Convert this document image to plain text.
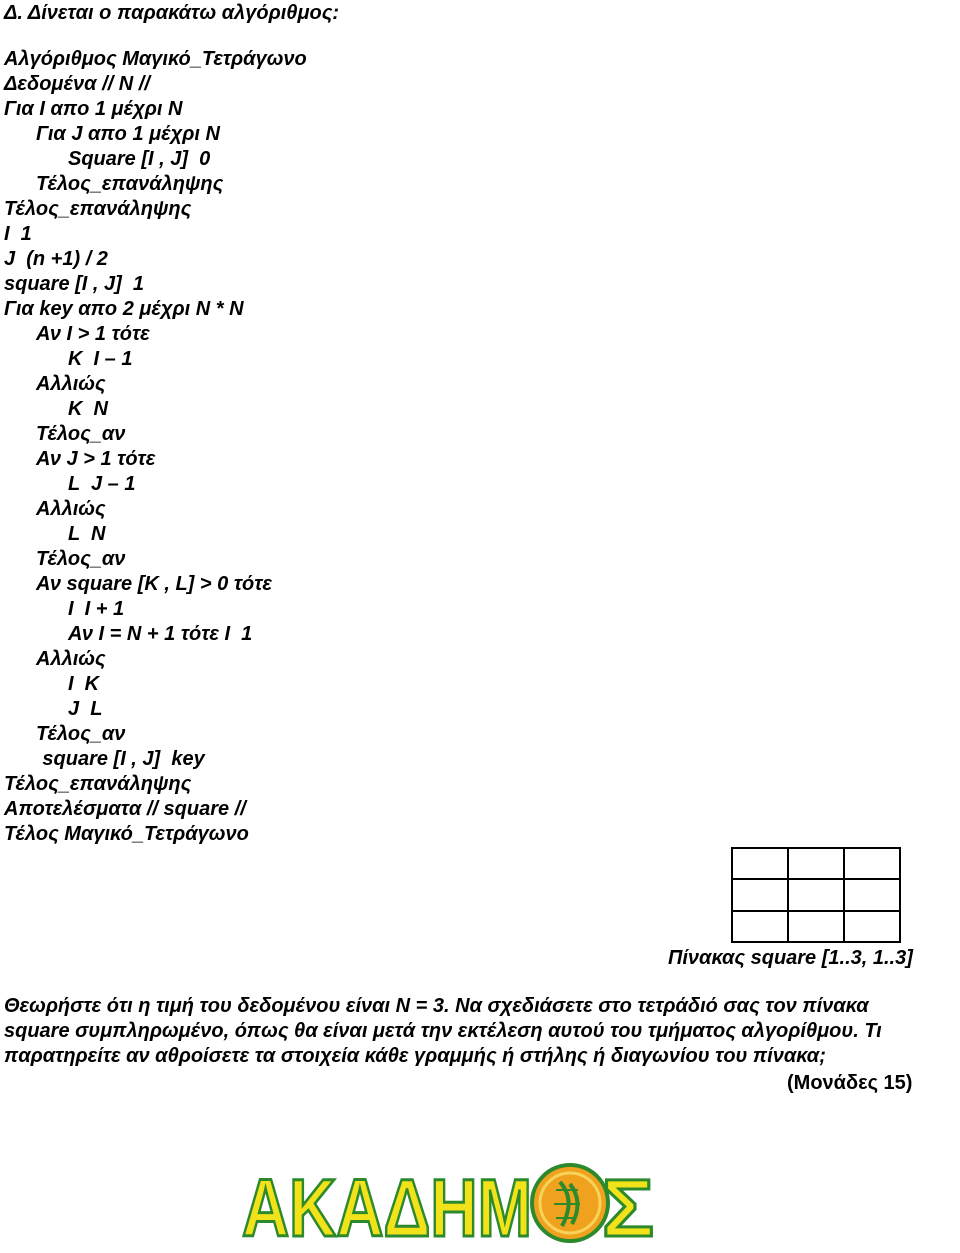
Δ. Δίνεται ο παρακάτω αλγόριθμος:
Αλγόριθμος Μαγικό_Τετράγωνο
Δεδομένα // N //
Για I απο 1 μέχρι N
Για J απο 1 μέχρι N
Square [I , J]  0
Τέλος_επανάληψης
Τέλος_επανάληψης
I  1
J  (n +1) / 2
square [I , J]  1
Για key απο 2 μέχρι N * N
Αν I > 1 τότε
K  I – 1
Αλλιώς
K  N
Τέλος_αν
Αν J > 1 τότε
L  J – 1
Αλλιώς
L  N
Τέλος_αν
Αν square [K , L] > 0 τότε
I  I + 1
Αν I = N + 1 τότε I  1
Αλλιώς
I  K
J  L
Τέλος_αν
square [I , J]  key
Τέλος_επανάληψης
Αποτελέσματα // square //
Τέλος Μαγικό_Τετράγωνο

Πίνακας square [1..3, 1..3]
Θεωρήστε ότι η τιμή του δεδομένου είναι N = 3. Να σχεδιάσετε στο τετράδιό σας τον πίνακα
square συμπληρωμένο, όπως θα είναι μετά την εκτέλεση αυτού του τμήματος αλγορίθμου. Τι
παρατηρείτε αν αθροίσετε τα στοιχεία κάθε γραμμής ή στήλης ή διαγωνίου του πίνακα;
(Μονάδες 15)
ΑΚΑΔΗΜ Σ
